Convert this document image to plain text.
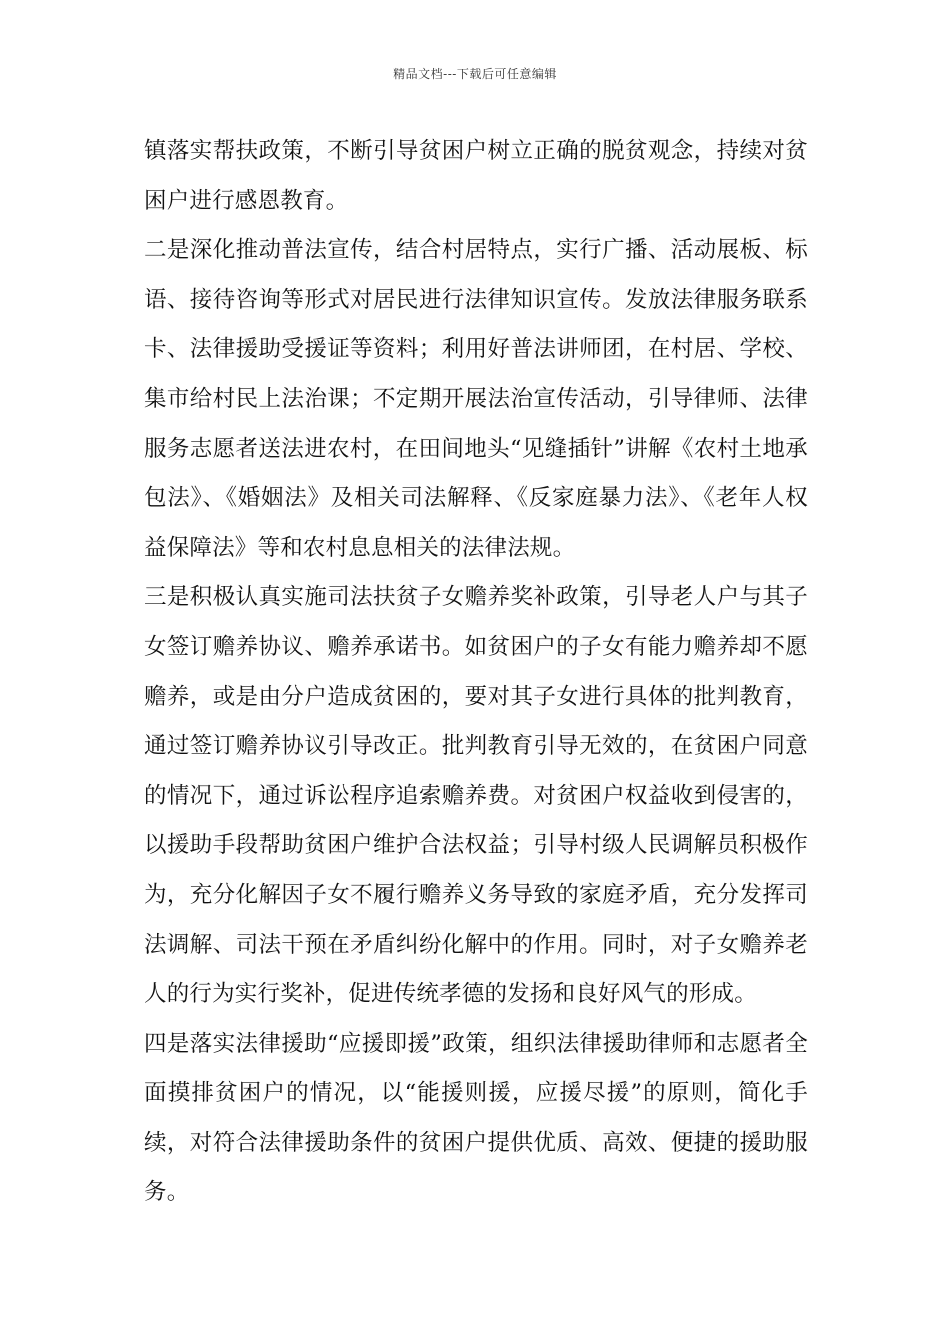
精品文档---下载后可任意编辑

镇落实帮扶政策，不断引导贫困户树立正确的脱贫观念，持续对贫困户进行感恩教育。

二是深化推动普法宣传，结合村居特点，实行广播、活动展板、标语、接待咨询等形式对居民进行法律知识宣传。发放法律服务联系卡、法律援助受援证等资料；利用好普法讲师团，在村居、学校、集市给村民上法治课；不定期开展法治宣传活动，引导律师、法律服务志愿者送法进农村，在田间地头“见缝插针”讲解《农村土地承包法》、《婚姻法》及相关司法解释、《反家庭暴力法》、《老年人权益保障法》等和农村息息相关的法律法规。

三是积极认真实施司法扶贫子女赡养奖补政策，引导老人户与其子女签订赡养协议、赡养承诺书。如贫困户的子女有能力赡养却不愿赡养，或是由分户造成贫困的，要对其子女进行具体的批判教育，通过签订赡养协议引导改正。批判教育引导无效的，在贫困户同意的情况下，通过诉讼程序追索赡养费。对贫困户权益收到侵害的，以援助手段帮助贫困户维护合法权益；引导村级人民调解员积极作为，充分化解因子女不履行赡养义务导致的家庭矛盾，充分发挥司法调解、司法干预在矛盾纠纷化解中的作用。同时，对子女赡养老人的行为实行奖补，促进传统孝德的发扬和良好风气的形成。

四是落实法律援助“应援即援”政策，组织法律援助律师和志愿者全面摸排贫困户的情况，以“能援则援，应援尽援”的原则，简化手续，对符合法律援助条件的贫困户提供优质、高效、便捷的援助服务。
